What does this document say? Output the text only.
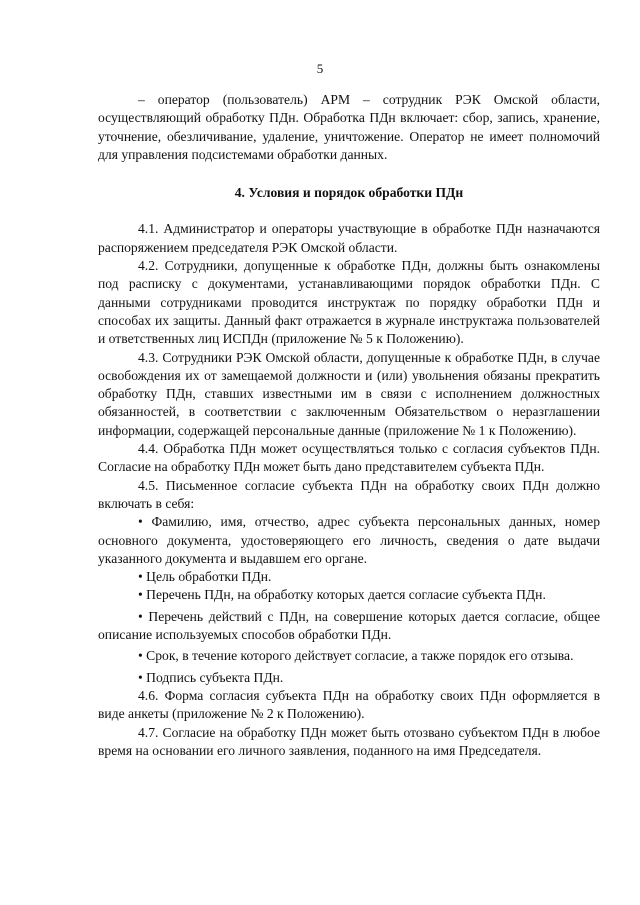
5

– оператор (пользователь) АРМ – сотрудник РЭК Омской области, осуществляющий обработку ПДн. Обработка ПДн включает: сбор, запись, хранение, уточнение, обезличивание, удаление, уничтожение. Оператор не имеет полномочий для управления подсистемами обработки данных.

4. Условия и порядок обработки ПДн

4.1. Администратор и операторы участвующие в обработке ПДн назначаются распоряжением председателя РЭК Омской области.

4.2. Сотрудники, допущенные к обработке ПДн, должны быть ознакомлены под расписку с документами, устанавливающими порядок обработки ПДн. С данными сотрудниками проводится инструктаж по порядку обработки ПДн и способах их защиты. Данный факт отражается в журнале инструктажа пользователей и ответственных лиц ИСПДн (приложение № 5 к Положению).

4.3. Сотрудники РЭК Омской области, допущенные к обработке ПДн, в случае освобождения их от замещаемой должности и (или) увольнения обязаны прекратить обработку ПДн, ставших известными им в связи с исполнением должностных обязанностей, в соответствии с заключенным Обязательством о неразглашении информации, содержащей персональные данные (приложение № 1 к Положению).

4.4. Обработка ПДн может осуществляться только с согласия субъектов ПДн. Согласие на обработку ПДн может быть дано представителем субъекта ПДн.

4.5. Письменное согласие субъекта ПДн на обработку своих ПДн должно включать в себя:

• Фамилию, имя, отчество, адрес субъекта персональных данных, номер основного документа, удостоверяющего его личность, сведения о дате выдачи указанного документа и выдавшем его органе.

• Цель обработки ПДн.

• Перечень ПДн, на обработку которых дается согласие субъекта ПДн.

• Перечень действий с ПДн, на совершение которых дается согласие, общее описание используемых способов обработки ПДн.

• Срок, в течение которого действует согласие, а также порядок его отзыва.

• Подпись субъекта ПДн.

4.6. Форма согласия субъекта ПДн на обработку своих ПДн оформляется в виде анкеты (приложение № 2 к Положению).

4.7. Согласие на обработку ПДн может быть отозвано субъектом ПДн в любое время на основании его личного заявления, поданного на имя Председателя.
